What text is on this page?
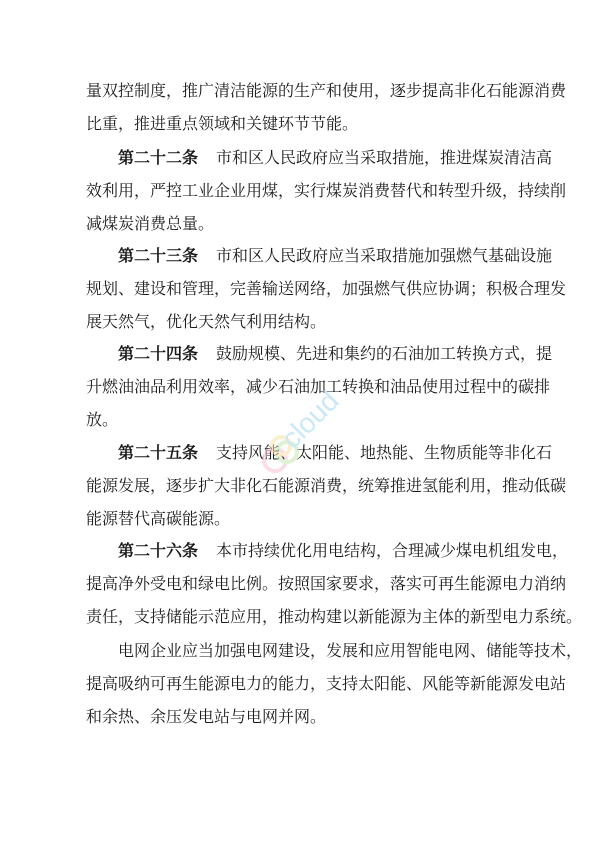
量双控制度，推广清洁能源的生产和使用，逐步提高非化石能源消费
比重，推进重点领域和关键环节节能。
第二十二条 市和区人民政府应当采取措施，推进煤炭清洁高
效利用，严控工业企业用煤，实行煤炭消费替代和转型升级，持续削
减煤炭消费总量。
第二十三条 市和区人民政府应当采取措施加强燃气基础设施
规划、建设和管理，完善输送网络，加强燃气供应协调；积极合理发
展天然气，优化天然气利用结构。
第二十四条 鼓励规模、先进和集约的石油加工转换方式，提
升燃油油品利用效率，减少石油加工转换和油品使用过程中的碳排
放。
第二十五条 支持风能、太阳能、地热能、生物质能等非化石
能源发展，逐步扩大非化石能源消费，统筹推进氢能利用，推动低碳
能源替代高碳能源。
第二十六条 本市持续优化用电结构，合理减少煤电机组发电，
提高净外受电和绿电比例。按照国家要求，落实可再生能源电力消纳
责任，支持储能示范应用，推动构建以新能源为主体的新型电力系统。
电网企业应当加强电网建设，发展和应用智能电网、储能等技术，
提高吸纳可再生能源电力的能力，支持太阳能、风能等新能源发电站
和余热、余压发电站与电网并网。
cloud
